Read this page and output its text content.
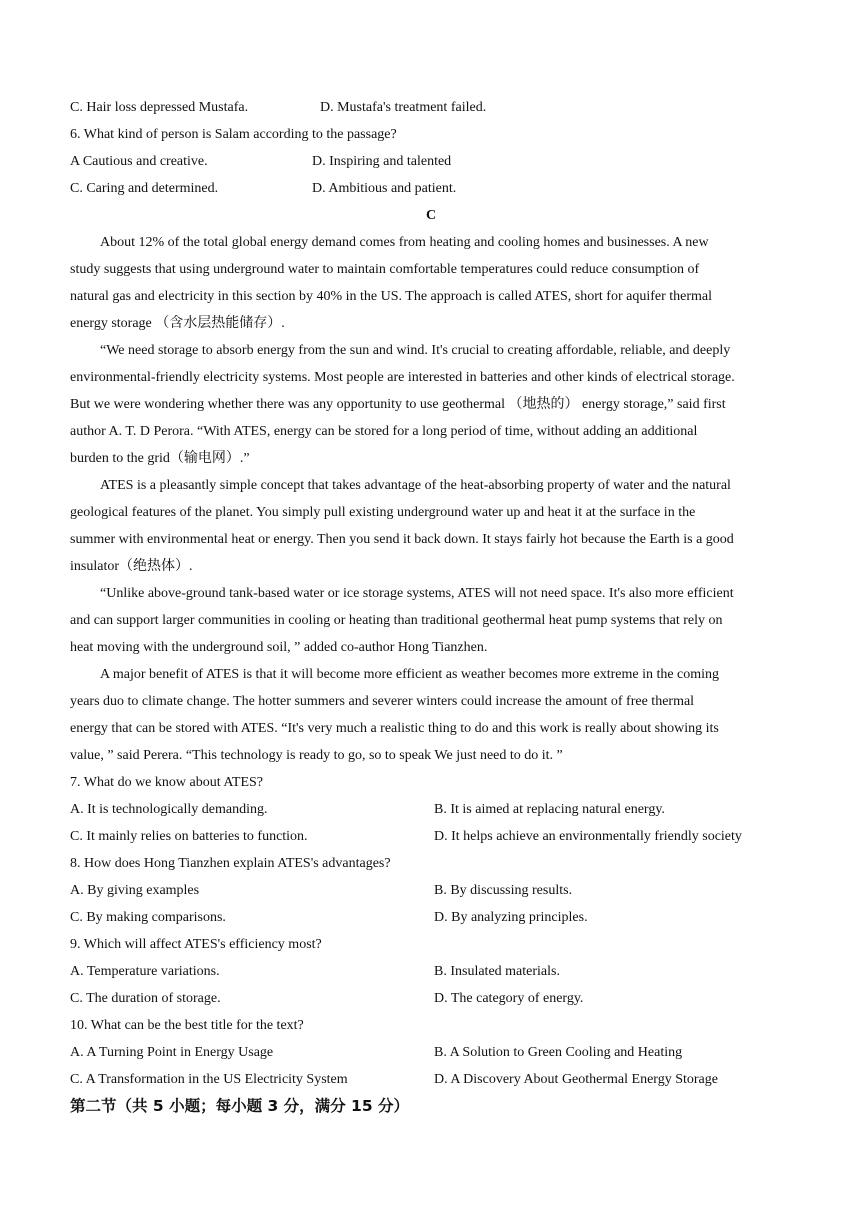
C. Hair loss depressed Mustafa.	D. Mustafa's treatment failed.
6. What kind of person is Salam according to the passage?
A Cautious and creative.	D. Inspiring and talented
C. Caring and determined.	D. Ambitious and patient.
C
About 12% of the total global energy demand comes from heating and cooling homes and businesses. A new
study suggests that using underground water to maintain comfortable temperatures could reduce consumption of
natural gas and electricity in this section by 40% in the US. The approach is called ATES, short for aquifer thermal
energy storage （含水层热能储存）.
“We need storage to absorb energy from the sun and wind. It's crucial to creating affordable, reliable, and deeply
environmental-friendly electricity systems. Most people are interested in batteries and other kinds of electrical storage.
But we were wondering whether there was any opportunity to use geothermal （地热的） energy storage,” said first
author A. T. D Perora. “With ATES, energy can be stored for a long period of time, without adding an additional
burden to the grid（输电网）.”
ATES is a pleasantly simple concept that takes advantage of the heat-absorbing property of water and the natural
geological features of the planet. You simply pull existing underground water up and heat it at the surface in the
summer with environmental heat or energy. Then you send it back down. It stays fairly hot because the Earth is a good
insulator（绝热体）.
“Unlike above-ground tank-based water or ice storage systems, ATES will not need space. It's also more efficient
and can support larger communities in cooling or heating than traditional geothermal heat pump systems that rely on
heat moving with the underground soil, ” added co-author Hong Tianzhen.
A major benefit of ATES is that it will become more efficient as weather becomes more extreme in the coming
years duo to climate change. The hotter summers and severer winters could increase the amount of free thermal
energy that can be stored with ATES. “It's very much a realistic thing to do and this work is really about showing its
value, ” said Perera. “This technology is ready to go, so to speak We just need to do it. ”
7. What do we know about ATES?
A. It is technologically demanding.	B. It is aimed at replacing natural energy.
C. It mainly relies on batteries to function.	D. It helps achieve an environmentally friendly society
8. How does Hong Tianzhen explain ATES's advantages?
A. By giving examples	B. By discussing results.
C. By making comparisons.	D. By analyzing principles.
9. Which will affect ATES's efficiency most?
A. Temperature variations.	B. Insulated materials.
C. The duration of storage.	D. The category of energy.
10. What can be the best title for the text?
A. A Turning Point in Energy Usage	B. A Solution to Green Cooling and Heating
C. A Transformation in the US Electricity System	D. A Discovery About Geothermal Energy Storage
第二节（共 5 小题；每小题 3 分，满分 15 分）
